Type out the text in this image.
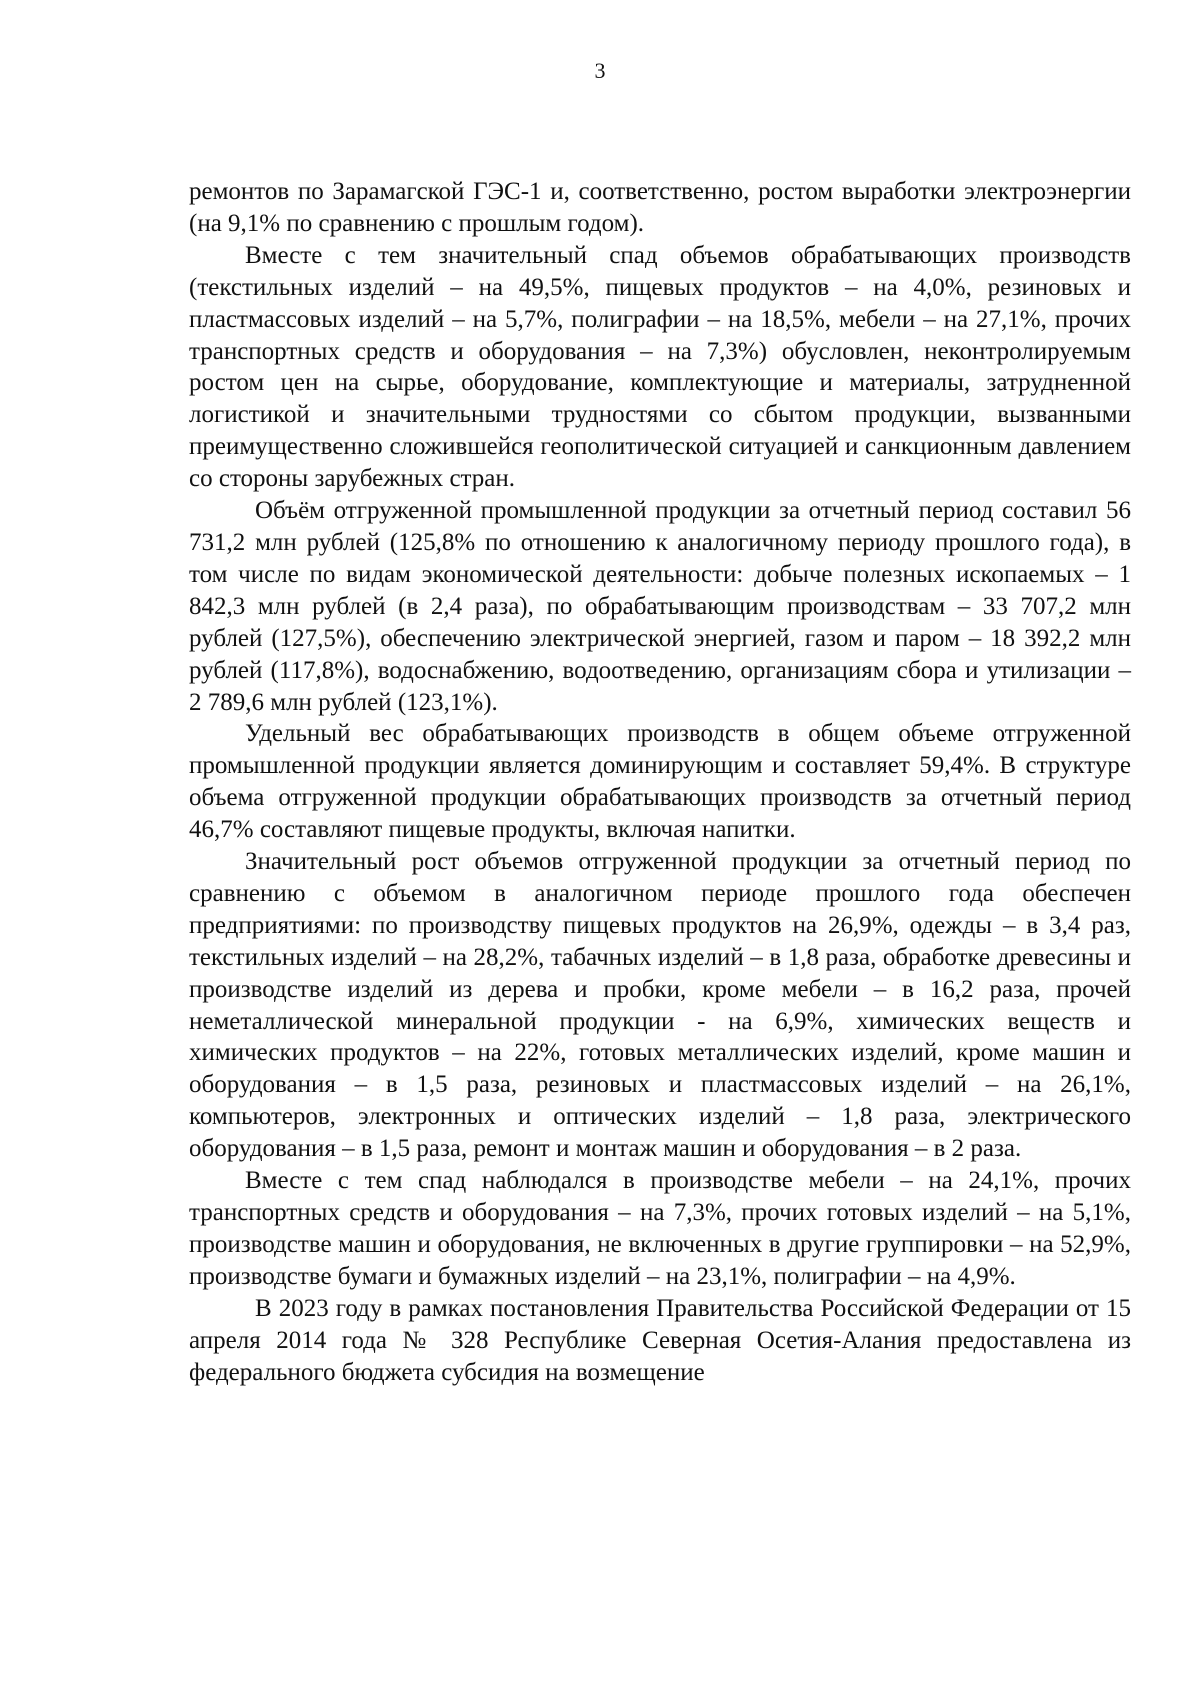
3

ремонтов по Зарамагской ГЭС-1 и, соответственно, ростом выработки электроэнергии (на 9,1% по сравнению с прошлым годом).

Вместе с тем значительный спад объемов обрабатывающих производств (текстильных изделий – на 49,5%, пищевых продуктов – на 4,0%, резиновых и пластмассовых изделий – на 5,7%, полиграфии – на 18,5%, мебели – на 27,1%, прочих транспортных средств и оборудования – на 7,3%) обусловлен, неконтролируемым ростом цен на сырье, оборудование, комплектующие и материалы, затрудненной логистикой и значительными трудностями со сбытом продукции, вызванными преимущественно сложившейся геополитической ситуацией и санкционным давлением со стороны зарубежных стран.

Объём отгруженной промышленной продукции за отчетный период составил 56 731,2 млн рублей (125,8% по отношению к аналогичному периоду прошлого года), в том числе по видам экономической деятельности: добыче полезных ископаемых – 1 842,3 млн рублей (в 2,4 раза), по обрабатывающим производствам – 33 707,2 млн рублей (127,5%), обеспечению электрической энергией, газом и паром – 18 392,2 млн рублей (117,8%), водоснабжению, водоотведению, организациям сбора и утилизации – 2 789,6 млн рублей (123,1%).

Удельный вес обрабатывающих производств в общем объеме отгруженной промышленной продукции является доминирующим и составляет 59,4%. В структуре объема отгруженной продукции обрабатывающих производств за отчетный период 46,7% составляют пищевые продукты, включая напитки.

Значительный рост объемов отгруженной продукции за отчетный период по сравнению с объемом в аналогичном периоде прошлого года обеспечен предприятиями: по производству пищевых продуктов на 26,9%, одежды – в 3,4 раз, текстильных изделий – на 28,2%, табачных изделий – в 1,8 раза, обработке древесины и производстве изделий из дерева и пробки, кроме мебели – в 16,2 раза, прочей неметаллической минеральной продукции - на 6,9%, химических веществ и химических продуктов – на 22%, готовых металлических изделий, кроме машин и оборудования – в 1,5 раза, резиновых и пластмассовых изделий – на 26,1%, компьютеров, электронных и оптических изделий – 1,8 раза, электрического оборудования – в 1,5 раза, ремонт и монтаж машин и оборудования – в 2 раза.

Вместе с тем спад наблюдался в производстве мебели – на 24,1%, прочих транспортных средств и оборудования – на 7,3%, прочих готовых изделий – на 5,1%, производстве машин и оборудования, не включенных в другие группировки – на 52,9%, производстве бумаги и бумажных изделий – на 23,1%, полиграфии – на 4,9%.

В 2023 году в рамках постановления Правительства Российской Федерации от 15 апреля 2014 года № 328 Республике Северная Осетия-Алания предоставлена из федерального бюджета субсидия на возмещение
